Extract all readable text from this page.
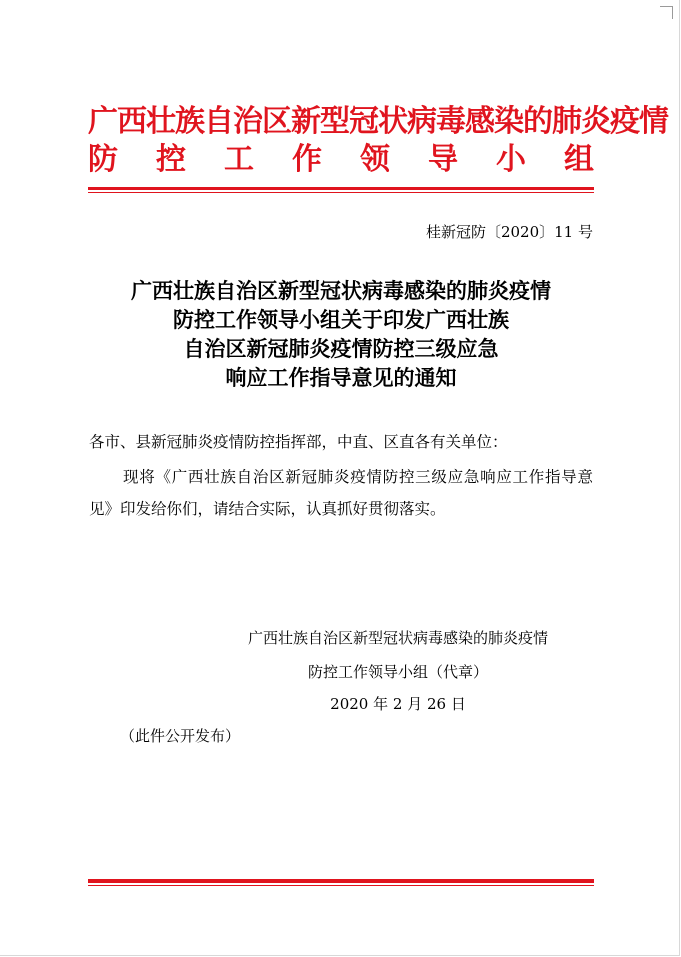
广西壮族自治区新型冠状病毒感染的肺炎疫情
防 控 工 作 领 导 小 组
桂新冠防〔2020〕11 号
广西壮族自治区新型冠状病毒感染的肺炎疫情
防控工作领导小组关于印发广西壮族
自治区新冠肺炎疫情防控三级应急
响应工作指导意见的通知
各市、县新冠肺炎疫情防控指挥部，中直、区直各有关单位：
现将《广西壮族自治区新冠肺炎疫情防控三级应急响应工作指导意见》印发给你们，请结合实际，认真抓好贯彻落实。
广西壮族自治区新型冠状病毒感染的肺炎疫情
防控工作领导小组（代章）
2020 年 2 月 26 日
（此件公开发布）
